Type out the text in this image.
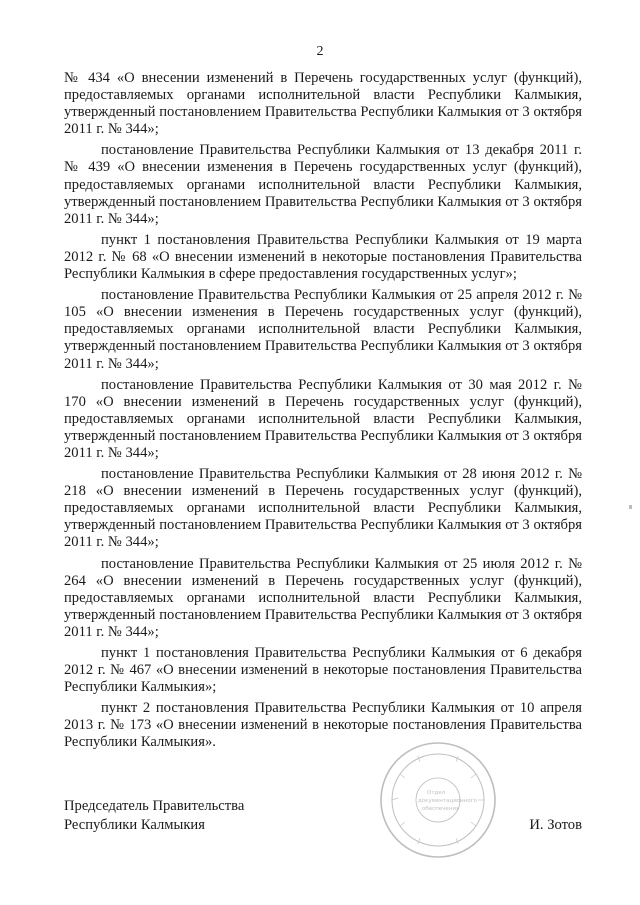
2

№ 434 «О внесении изменений в Перечень государственных услуг (функций), предоставляемых органами исполнительной власти Республики Калмыкия, утвержденный постановлением Правительства Республики Калмыкия от 3 октября 2011 г. № 344»;

постановление Правительства Республики Калмыкия от 13 декабря 2011 г. № 439 «О внесении изменения в Перечень государственных услуг (функций), предоставляемых органами исполнительной власти Республики Калмыкия, утвержденный постановлением Правительства Республики Калмыкия от 3 октября 2011 г. № 344»;

пункт 1 постановления Правительства Республики Калмыкия от 19 марта 2012 г. № 68 «О внесении изменений в некоторые постановления Правительства Республики Калмыкия в сфере предоставления государственных услуг»;

постановление Правительства Республики Калмыкия от 25 апреля 2012 г. № 105 «О внесении изменения в Перечень государственных услуг (функций), предоставляемых органами исполнительной власти Республики Калмыкия, утвержденный постановлением Правительства Республики Калмыкия от 3 октября 2011 г. № 344»;

постановление Правительства Республики Калмыкия от 30 мая 2012 г. № 170 «О внесении изменений в Перечень государственных услуг (функций), предоставляемых органами исполнительной власти Республики Калмыкия, утвержденный постановлением Правительства Республики Калмыкия от 3 октября 2011 г. № 344»;

постановление Правительства Республики Калмыкия от 28 июня 2012 г. № 218 «О внесении изменений в Перечень государственных услуг (функций), предоставляемых органами исполнительной власти Республики Калмыкия, утвержденный постановлением Правительства Республики Калмыкия от 3 октября 2011 г. № 344»;

постановление Правительства Республики Калмыкия от 25 июля 2012 г. № 264 «О внесении изменений в Перечень государственных услуг (функций), предоставляемых органами исполнительной власти Республики Калмыкия, утвержденный постановлением Правительства Республики Калмыкия от 3 октября 2011 г. № 344»;

пункт 1 постановления Правительства Республики Калмыкия от 6 декабря 2012 г. № 467 «О внесении изменений в некоторые постановления Правительства Республики Калмыкия»;

пункт 2 постановления Правительства Республики Калмыкия от 10 апреля 2013 г. № 173 «О внесении изменений в некоторые постановления Правительства Республики Калмыкия».

Отдел
документационного
обеспечения
Председатель Правительства
Республики Калмыкия	И. Зотов
